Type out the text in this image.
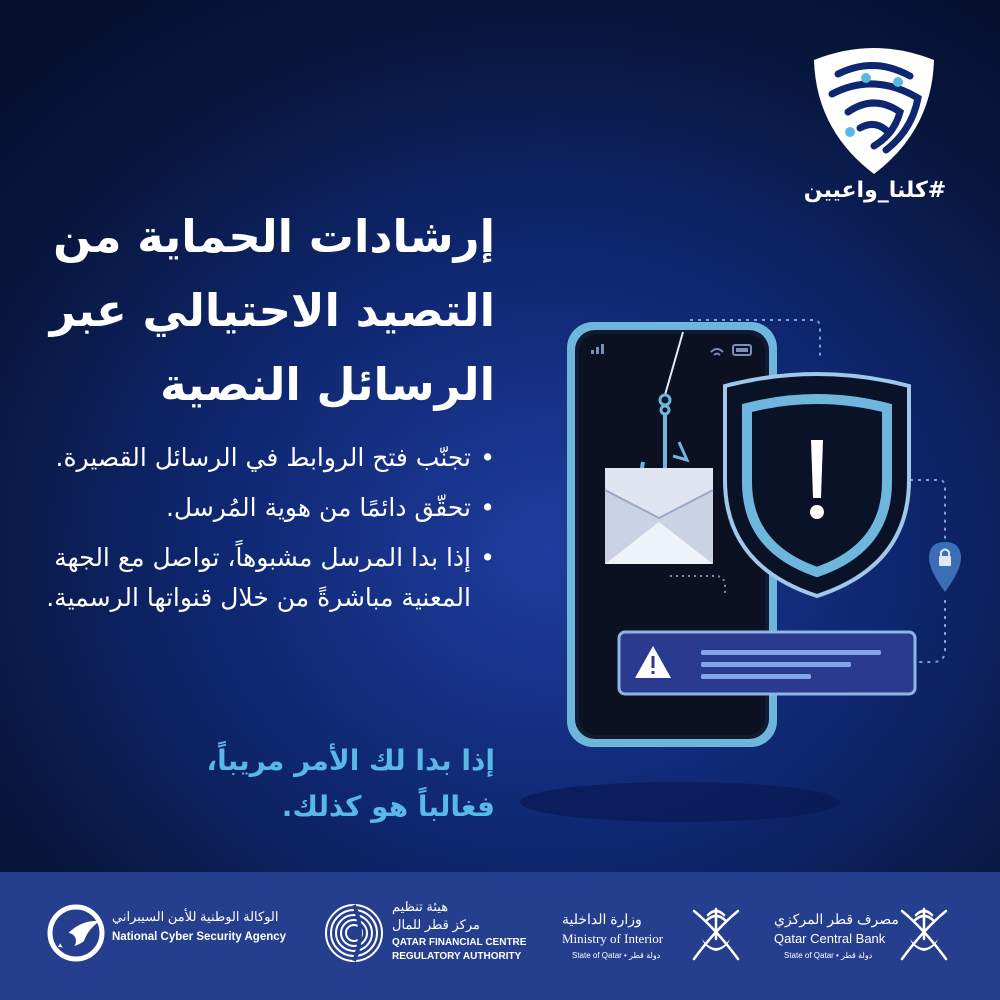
#كلنا_واعيين
إرشادات الحماية من
التصيد الاحتيالي عبر
الرسائل النصية
• تجنّب فتح الروابط في الرسائل القصيرة.
• تحقّق دائمًا من هوية المُرسل.
• إذا بدا المرسل مشبوهاً، تواصل مع الجهة المعنية مباشرةً من خلال قنواتها الرسمية.
إذا بدا لك الأمر مريباً،
فغالباً هو كذلك.
الوكالة الوطنية للأمن السيبراني
National Cyber Security Agency
هيئة تنظيم
مركز قطر للمال
QATAR FINANCIAL CENTRE
REGULATORY AUTHORITY
وزارة الداخلية
Ministry of Interior
State of Qatar • دولة قطر
مصرف قطر المركزي
Qatar Central Bank
State of Qatar • دولة قطر
